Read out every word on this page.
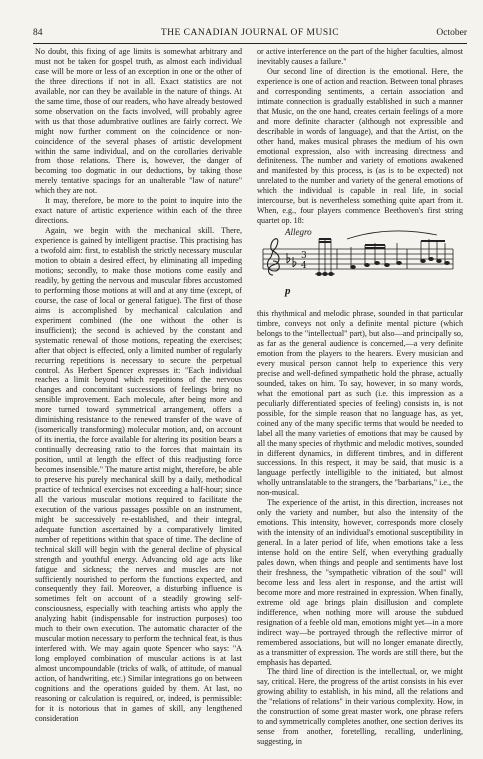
84	THE CANADIAN JOURNAL OF MUSIC	October

No doubt, this fixing of age limits is somewhat arbitrary and must not be taken for gospel truth, as almost each individual case will be more or less of an exception in one or the other of the three directions if not in all. Exact statistics are not available, nor can they be available in the nature of things. At the same time, those of our readers, who have already bestowed some observation on the facts involved, will probably agree with us that those adumbrative outlines are fairly correct. We might now further comment on the coincidence or non-coincidence of the several phases of artistic development within the same individual, and on the corollaries derivable from those relations. There is, however, the danger of becoming too dogmatic in our deductions, by taking those merely tentative spacings for an unalterable "law of nature" which they are not.

It may, therefore, be more to the point to inquire into the exact nature of artistic experience within each of the three directions.

Again, we begin with the mechanical skill. There, experience is gained by intelligent practise. This practising has a twofold aim: first, to establish the strictly necessary muscular motion to obtain a desired effect, by eliminating all impeding motions; secondly, to make those motions come easily and readily, by getting the nervous and muscular fibres accustomed to performing those motions at will and at any time (except, of course, the case of local or general fatigue). The first of those aims is accomplished by mechanical calculation and experiment combined (the one without the other is insufficient); the second is achieved by the constant and systematic renewal of those motions, repeating the exercises; after that object is effected, only a limited number of regularly recurring repetitions is necessary to secure the perpetual control. As Herbert Spencer expresses it: "Each individual reaches a limit beyond which repetitions of the nervous changes and concomitant successions of feelings bring no sensible improvement. Each molecule, after being more and more turned toward symmetrical arrangement, offers a diminishing resistance to the renewed transfer of the wave of (isomerically transforming) molecular motion, and, on account of its inertia, the force available for altering its position bears a continually decreasing ratio to the forces that maintain its position, until at length the effect of this readjusting force becomes insensible." The mature artist might, therefore, be able to preserve his purely mechanical skill by a daily, methodical practice of technical exercises not exceeding a half-hour; since all the various muscular motions required to facilitate the execution of the various passages possible on an instrument, might be successively re-established, and their integral, adequate function ascertained by a comparatively limited number of repetitions within that space of time. The decline of technical skill will begin with the general decline of physical strength and youthful energy. Advancing old age acts like fatigue and sickness; the nerves and muscles are not sufficiently nourished to perform the functions expected, and consequently they fail. Moreover, a disturbing influence is sometimes felt on account of a steadily growing self-consciousness, especially with teaching artists who apply the analyzing habit (indispensable for instruction purposes) too much to their own execution. The automatic character of the muscular motion necessary to perform the technical feat, is thus interfered with. We may again quote Spencer who says: "A long employed combination of muscular actions is at last almost uncompoundable (tricks of walk, of attitude, of manual action, of handwriting, etc.) Similar integrations go on between cognitions and the operations guided by them. At last, no reasoning or calculation is required, or, indeed, is permissible: for it is notorious that in games of skill, any lengthened consideration

or active interference on the part of the higher faculties, almost inevitably causes a failure."

Our second line of direction is the emotional. Here, the experience is one of action and reaction. Between tonal phrases and corresponding sentiments, a certain association and intimate connection is gradually established in such a manner that Music, on the one hand, creates certain feelings of a more and more definite character (although not expressible and describable in words of language), and that the Artist, on the other hand, makes musical phrases the medium of his own emotional expression, also with increasing directness and definiteness. The number and variety of emotions awakened and manifested by this process, is (as is to be expected) not unrelated to the number and variety of the general emotions of which the individual is capable in real life, in social intercourse, but is nevertheless something quite apart from it. When, e.g., four players commence Beethoven's first string quartet op. 18:

3
4
Allegro
p

this rhythmical and melodic phrase, sounded in that particular timbre, conveys not only a definite mental picture (which belongs to the "intellectual" part), but also—and principally so, as far as the general audience is concerned,—a very definite emotion from the players to the hearers. Every musician and every musical person cannot help to experience this very precise and well-defined sympathetic hold the phrase, actually sounded, takes on him. To say, however, in so many words, what the emotional part as such (i.e. this impression as a peculiarly differentiated species of feeling) consists in, is not possible, for the simple reason that no language has, as yet, coined any of the many specific terms that would be needed to label all the many varieties of emotions that may be caused by all the many species of rhythmic and melodic motives, sounded in different dynamics, in different timbres, and in different successions. In this respect, it may be said, that music is a language perfectly intelligible to the initiated, but almost wholly untranslatable to the strangers, the "barbarians," i.e., the non-musical.

The experience of the artist, in this direction, increases not only the variety and number, but also the intensity of the emotions. This intensity, however, corresponds more closely with the intensity of an individual's emotional susceptibility in general. In a later period of life, when emotions take a less intense hold on the entire Self, when everything gradually pales down, when things and people and sentiments have lost their freshness, the "sympathetic vibration of the soul" will become less and less alert in response, and the artist will become more and more restrained in expression. When finally, extreme old age brings plain disillusion and complete indifference, when nothing more will arouse the subdued resignation of a feeble old man, emotions might yet—in a more indirect way—be portrayed through the reflective mirror of remembered associations, but will no longer emanate directly, as a transmitter of expression. The words are still there, but the emphasis has departed.

The third line of direction is the intellectual, or, we might say, critical. Here, the progress of the artist consists in his ever growing ability to establish, in his mind, all the relations and the "relations of relations" in their various complexity. How, in the construction of some great master work, one phrase refers to and symmetrically completes another, one section derives its sense from another, foretelling, recalling, underlining, suggesting, in
